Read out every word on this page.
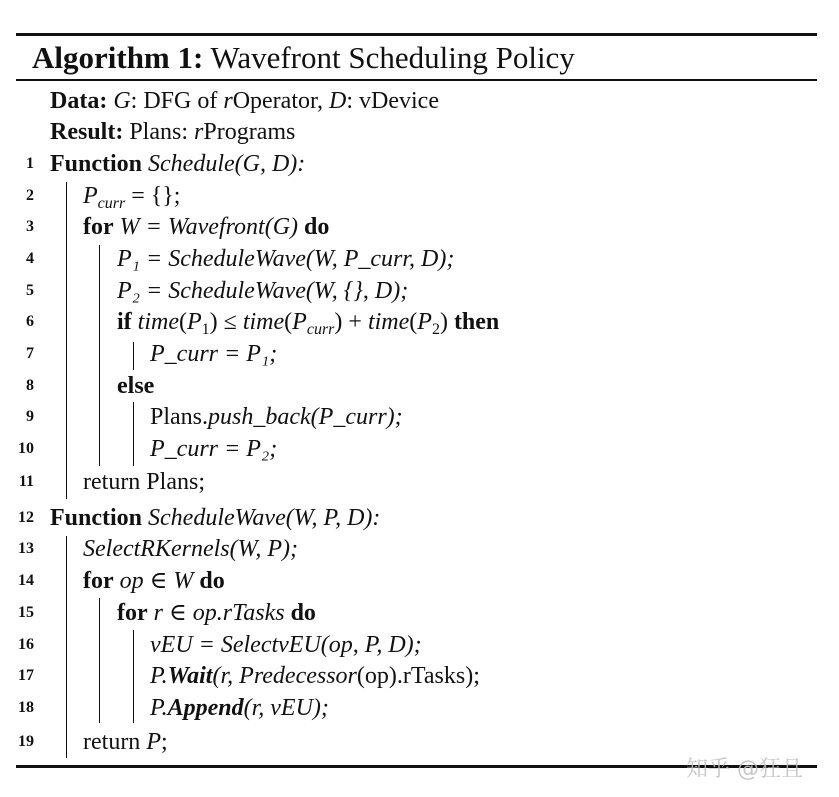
Algorithm 1: Wavefront Scheduling Policy
Data: G: DFG of rOperator, D: vDevice
Result: Plans: rPrograms
1 Function Schedule(G, D):
2 $P_{curr}$ = {};
3 for W = Wavefront(G) do
4	P₁ = ScheduleWave(W, P_curr, D);
5	P₂ = ScheduleWave(W, {}, D);
6	if $time(P_1)$ ≤ $time(P_{curr})$ + $time(P_2)$ then
7	P_curr = P₁;
8	else
9	Plans.push_back(P_curr);
10	P_curr = P₂;
11 return Plans;
12 Function ScheduleWave(W, P, D):
13 SelectRKernels(W, P);
14 for op ∈ W do
15	for r ∈ op.rTasks do
16	vEU = SelectvEU(op, P, D);
17	P.Wait(r, Predecessor(op).rTasks);
18	P.Append(r, vEU);
19 return P;
知乎 @狂且
